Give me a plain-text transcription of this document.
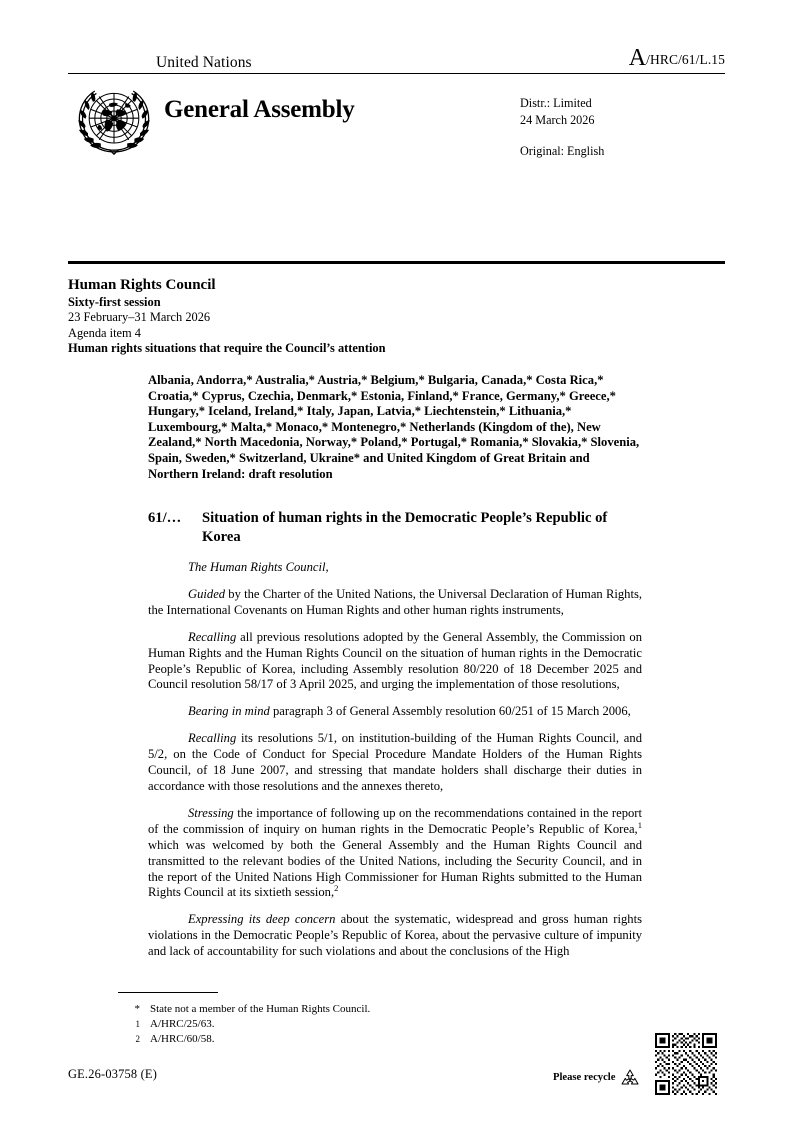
United Nations	A/HRC/61/L.15
General Assembly	Distr.: Limited
24 March 2026
Original: English
Human Rights Council
Sixty-first session
23 February–31 March 2026
Agenda item 4
Human rights situations that require the Council’s attention
Albania, Andorra,* Australia,* Austria,* Belgium,* Bulgaria, Canada,* Costa Rica,* Croatia,* Cyprus, Czechia, Denmark,* Estonia, Finland,* France, Germany,* Greece,* Hungary,* Iceland, Ireland,* Italy, Japan, Latvia,* Liechtenstein,* Lithuania,* Luxembourg,* Malta,* Monaco,* Montenegro,* Netherlands (Kingdom of the), New Zealand,* North Macedonia, Norway,* Poland,* Portugal,* Romania,* Slovakia,* Slovenia, Spain, Sweden,* Switzerland, Ukraine* and United Kingdom of Great Britain and Northern Ireland: draft resolution
61/…	Situation of human rights in the Democratic People’s Republic of Korea

The Human Rights Council,

Guided by the Charter of the United Nations, the Universal Declaration of Human Rights, the International Covenants on Human Rights and other human rights instruments,

Recalling all previous resolutions adopted by the General Assembly, the Commission on Human Rights and the Human Rights Council on the situation of human rights in the Democratic People’s Republic of Korea, including Assembly resolution 80/220 of 18 December 2025 and Council resolution 58/17 of 3 April 2025, and urging the implementation of those resolutions,

Bearing in mind paragraph 3 of General Assembly resolution 60/251 of 15 March 2006,

Recalling its resolutions 5/1, on institution-building of the Human Rights Council, and 5/2, on the Code of Conduct for Special Procedure Mandate Holders of the Human Rights Council, of 18 June 2007, and stressing that mandate holders shall discharge their duties in accordance with those resolutions and the annexes thereto,

Stressing the importance of following up on the recommendations contained in the report of the commission of inquiry on human rights in the Democratic People’s Republic of Korea,$^1$ which was welcomed by both the General Assembly and the Human Rights Council and transmitted to the relevant bodies of the United Nations, including the Security Council, and in the report of the United Nations High Commissioner for Human Rights submitted to the Human Rights Council at its sixtieth session,$^2$

Expressing its deep concern about the systematic, widespread and gross human rights violations in the Democratic People’s Republic of Korea, about the pervasive culture of impunity and lack of accountability for such violations and about the conclusions of the High

* State not a member of the Human Rights Council.
1 A/HRC/25/63.
2 A/HRC/60/58.
GE.26-03758 (E)	Please recycle
